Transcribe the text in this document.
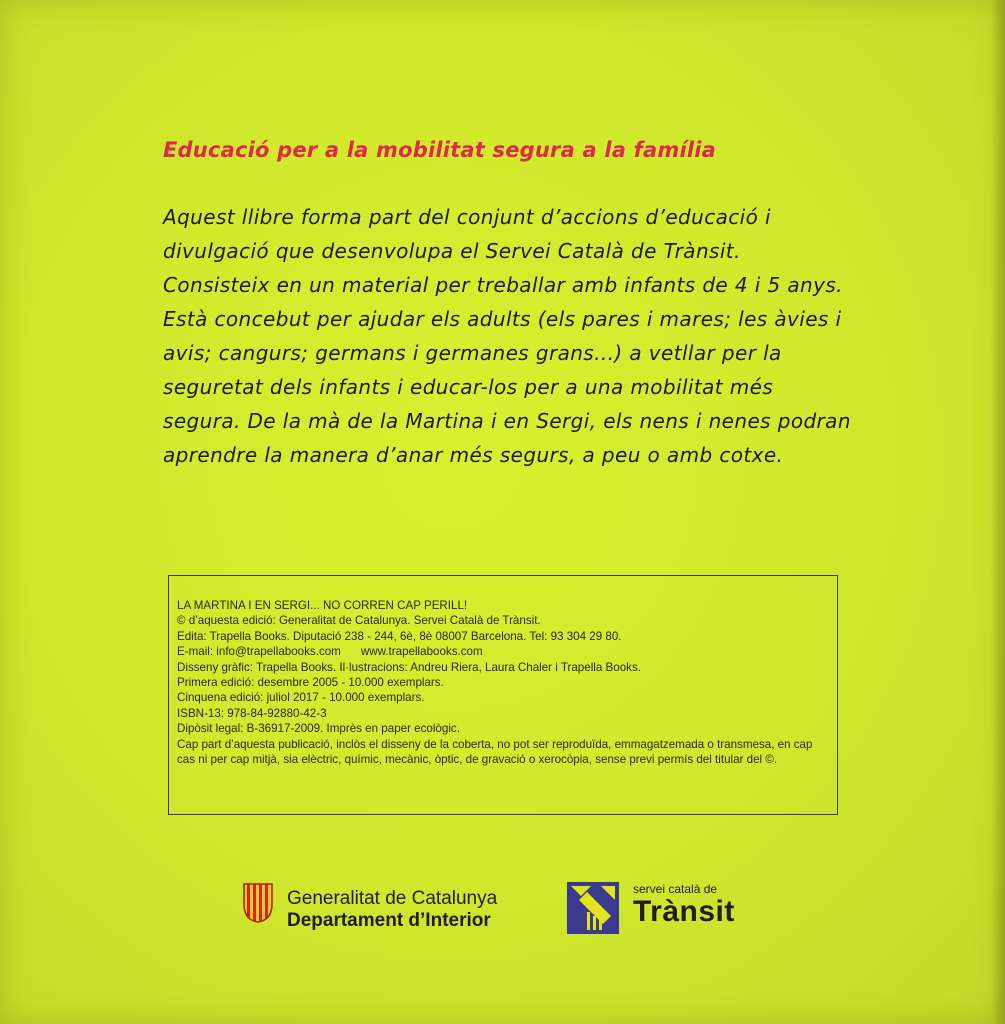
Educació per a la mobilitat segura a la família

Aquest llibre forma part del conjunt d’accions d’educació i divulgació que desenvolupa el Servei Català de Trànsit.

Consisteix en un material per treballar amb infants de 4 i 5 anys. Està concebut per ajudar els adults (els pares i mares; les àvies i avis; cangurs; germans i germanes grans...) a vetllar per la seguretat dels infants i educar-los per a una mobilitat més segura. De la mà de la Martina i en Sergi, els nens i nenes podran aprendre la manera d’anar més segurs, a peu o amb cotxe.

LA MARTINA I EN SERGI... NO CORREN CAP PERILL!
© d’aquesta edició: Generalitat de Catalunya. Servei Català de Trànsit.
Edita: Trapella Books. Diputació 238 - 244, 6è, 8è 08007 Barcelona. Tel: 93 304 29 80.
E-mail: info@trapellabooks.com www.trapellabooks.com
Disseny gràfic: Trapella Books. Il·lustracions: Andreu Riera, Laura Chaler i Trapella Books.
Primera edició: desembre 2005 - 10.000 exemplars.
Cinquena edició: juliol 2017 - 10.000 exemplars.
ISBN-13: 978-84-92880-42-3
Dipòsit legal: B-36917-2009. Imprès en paper ecològic.
Cap part d’aquesta publicació, inclòs el disseny de la coberta, no pot ser reproduïda, emmagatzemada o transmesa, en cap cas ni per cap mitjà, sia elèctric, químic, mecànic, òptic, de gravació o xerocòpia, sense previ permís del titular del ©.
Generalitat de Catalunya
Departament d’Interior
servei català de
Trànsit
